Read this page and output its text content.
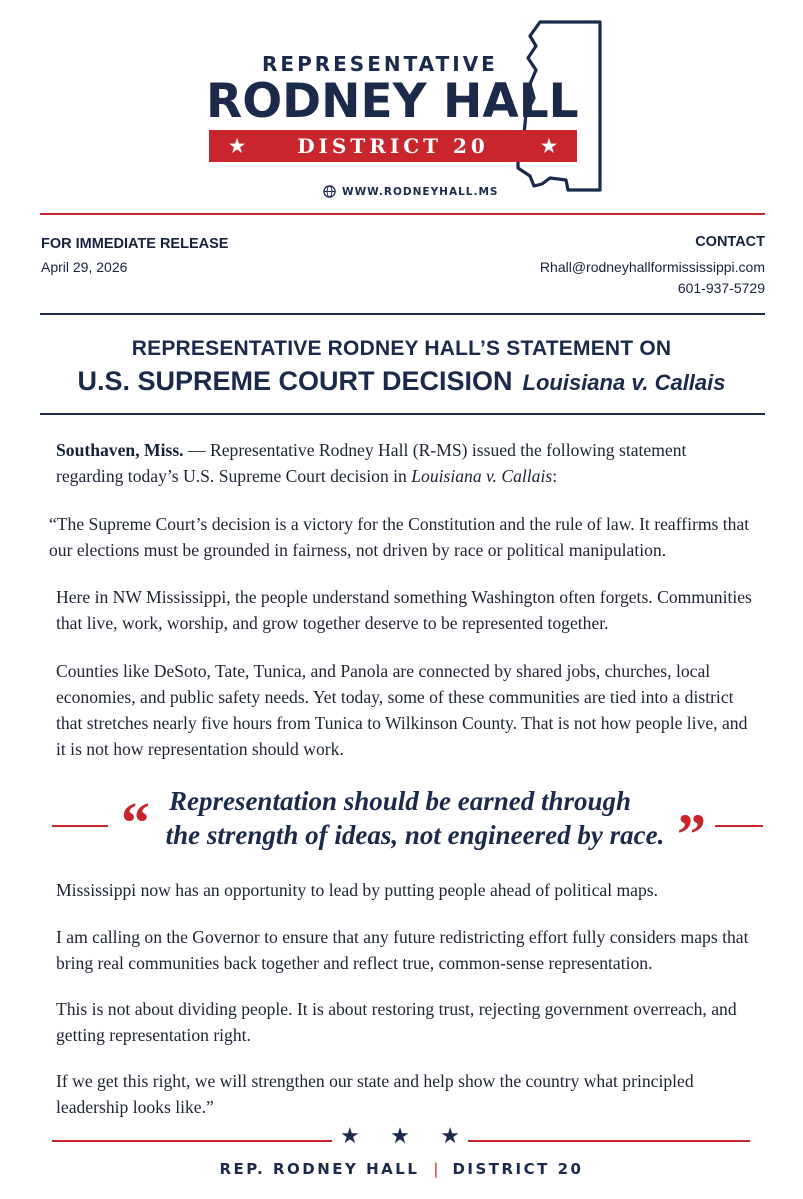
REPRESENTATIVE
RODNEY HALL
★	DISTRICT 20	★
WWW.RODNEYHALL.MS
FOR IMMEDIATE RELEASE
April 29, 2026
CONTACT
Rhall@rodneyhallformississippi.com
601-937-5729
REPRESENTATIVE RODNEY HALL’S STATEMENT ON
U.S. SUPREME COURT DECISION Louisiana v. Callais
Southaven, Miss. — Representative Rodney Hall (R-MS) issued the following statement regarding today’s U.S. Supreme Court decision in Louisiana v. Callais:
“The Supreme Court’s decision is a victory for the Constitution and the rule of law. It reaffirms that our elections must be grounded in fairness, not driven by race or political manipulation.
Here in NW Mississippi, the people understand something Washington often forgets. Communities that live, work, worship, and grow together deserve to be represented together.
Counties like DeSoto, Tate, Tunica, and Panola are connected by shared jobs, churches, local economies, and public safety needs. Yet today, some of these communities are tied into a district that stretches nearly five hours from Tunica to Wilkinson County. That is not how people live, and it is not how representation should work.
“ Representation should be earned through
the strength of ideas, not engineered by race. ”
Mississippi now has an opportunity to lead by putting people ahead of political maps.
I am calling on the Governor to ensure that any future redistricting effort fully considers maps that bring real communities back together and reflect true, common-sense representation.
This is not about dividing people. It is about restoring trust, rejecting government overreach, and getting representation right.
If we get this right, we will strengthen our state and help show the country what principled leadership looks like.”
★ ★ ★
REP. RODNEY HALL | DISTRICT 20
